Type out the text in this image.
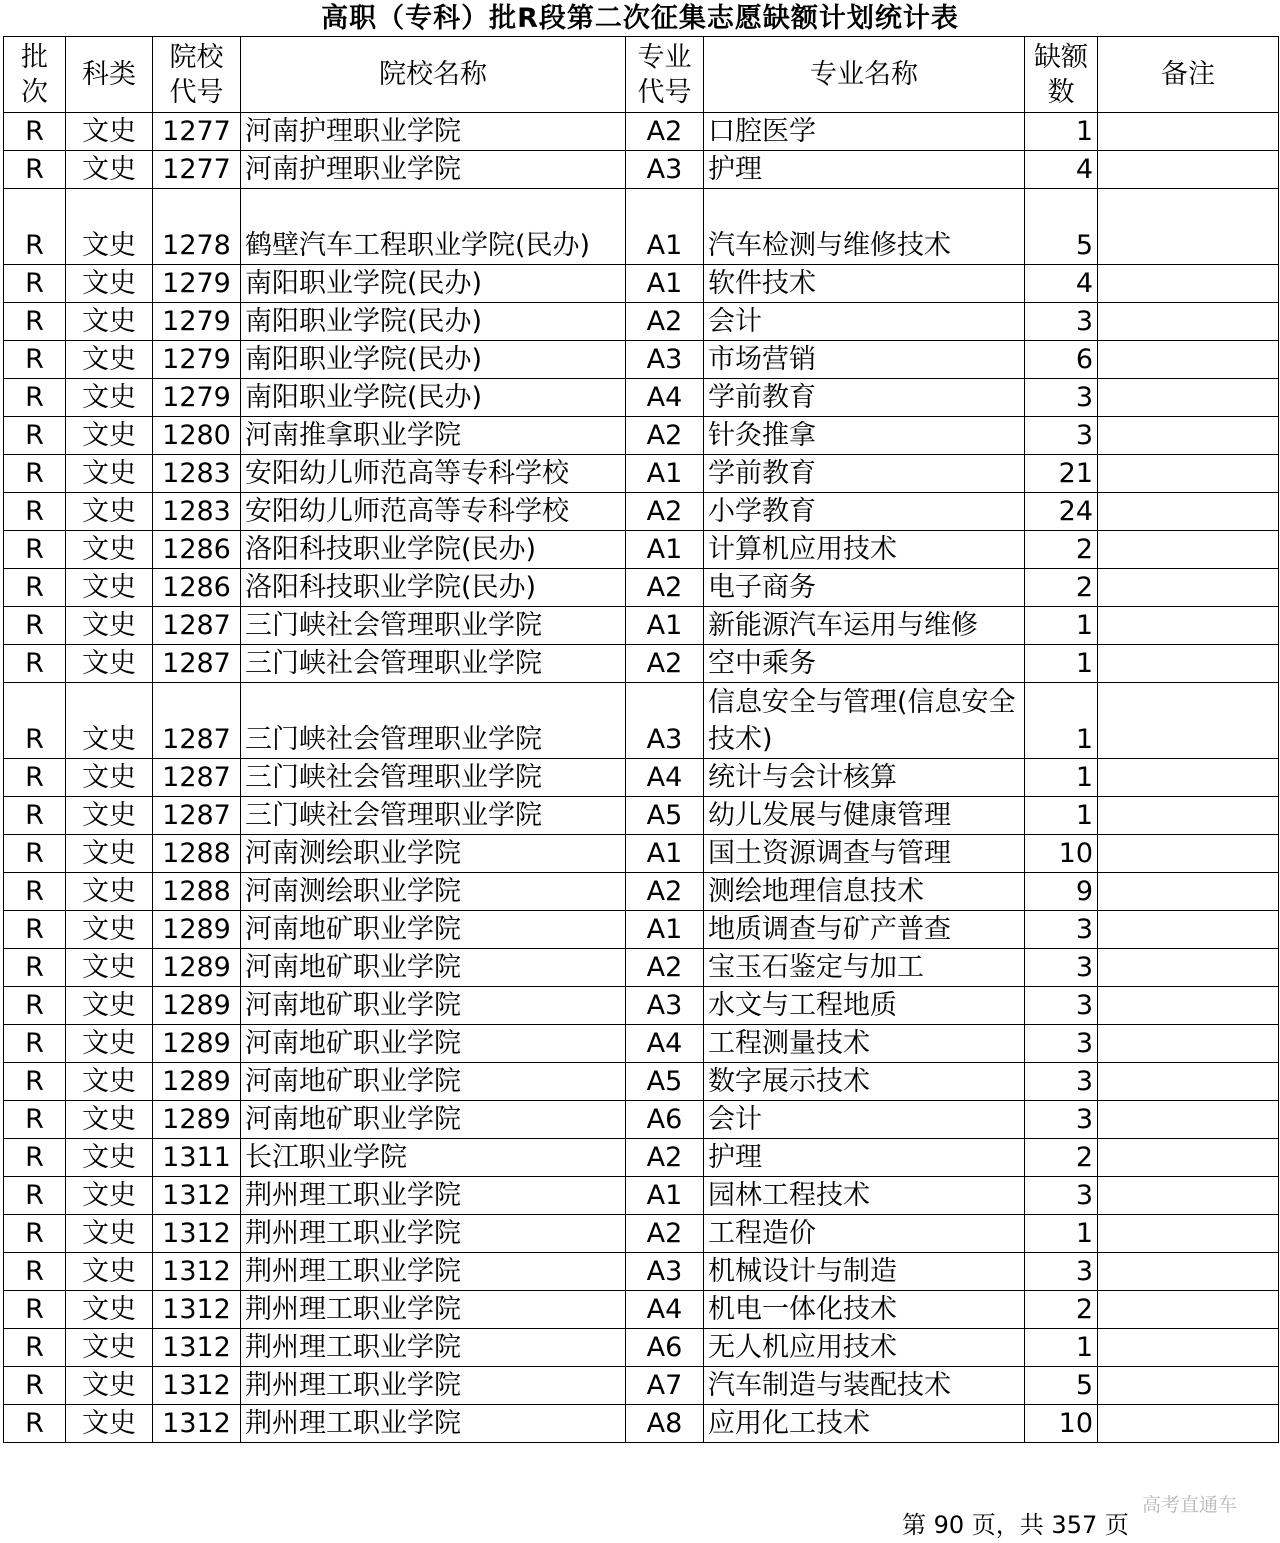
高职（专科）批R段第二次征集志愿缺额计划统计表
批次	科类	院校代号	院校名称	专业代号	专业名称	缺额数	备注
R	文史	1277	河南护理职业学院	A2	口腔医学	1	
R	文史	1277	河南护理职业学院	A3	护理	4	
R	文史	1278	鹤壁汽车工程职业学院(民办)	A1	汽车检测与维修技术	5	
R	文史	1279	南阳职业学院(民办)	A1	软件技术	4	
R	文史	1279	南阳职业学院(民办)	A2	会计	3	
R	文史	1279	南阳职业学院(民办)	A3	市场营销	6	
R	文史	1279	南阳职业学院(民办)	A4	学前教育	3	
R	文史	1280	河南推拿职业学院	A2	针灸推拿	3	
R	文史	1283	安阳幼儿师范高等专科学校	A1	学前教育	21	
R	文史	1283	安阳幼儿师范高等专科学校	A2	小学教育	24	
R	文史	1286	洛阳科技职业学院(民办)	A1	计算机应用技术	2	
R	文史	1286	洛阳科技职业学院(民办)	A2	电子商务	2	
R	文史	1287	三门峡社会管理职业学院	A1	新能源汽车运用与维修	1	
R	文史	1287	三门峡社会管理职业学院	A2	空中乘务	1	
R	文史	1287	三门峡社会管理职业学院	A3	信息安全与管理(信息安全技术)	1	
R	文史	1287	三门峡社会管理职业学院	A4	统计与会计核算	1	
R	文史	1287	三门峡社会管理职业学院	A5	幼儿发展与健康管理	1	
R	文史	1288	河南测绘职业学院	A1	国土资源调查与管理	10	
R	文史	1288	河南测绘职业学院	A2	测绘地理信息技术	9	
R	文史	1289	河南地矿职业学院	A1	地质调查与矿产普查	3	
R	文史	1289	河南地矿职业学院	A2	宝玉石鉴定与加工	3	
R	文史	1289	河南地矿职业学院	A3	水文与工程地质	3	
R	文史	1289	河南地矿职业学院	A4	工程测量技术	3	
R	文史	1289	河南地矿职业学院	A5	数字展示技术	3	
R	文史	1289	河南地矿职业学院	A6	会计	3	
R	文史	1311	长江职业学院	A2	护理	2	
R	文史	1312	荆州理工职业学院	A1	园林工程技术	3	
R	文史	1312	荆州理工职业学院	A2	工程造价	1	
R	文史	1312	荆州理工职业学院	A3	机械设计与制造	3	
R	文史	1312	荆州理工职业学院	A4	机电一体化技术	2	
R	文史	1312	荆州理工职业学院	A6	无人机应用技术	1	
R	文史	1312	荆州理工职业学院	A7	汽车制造与装配技术	5	
R	文史	1312	荆州理工职业学院	A8	应用化工技术	10	
第 90 页，共 357 页
高考直通车
